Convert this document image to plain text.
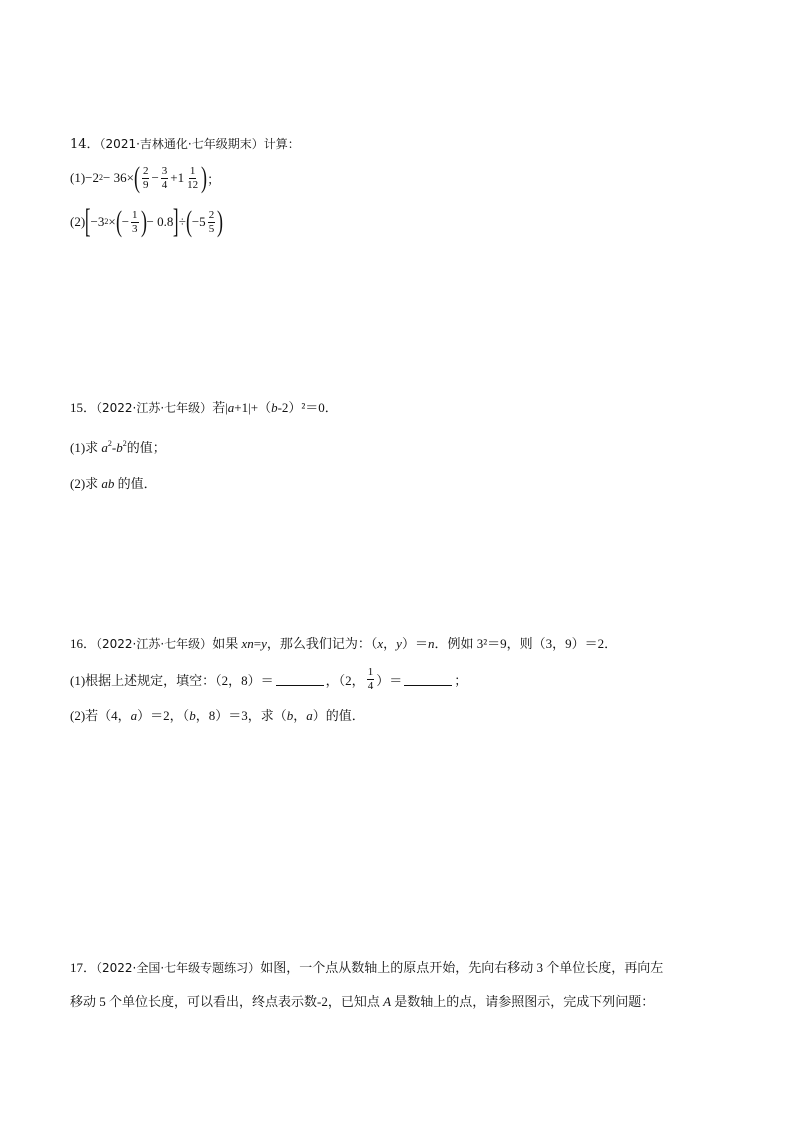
14．（2021·吉林通化·七年级期末）计算：
(1) −2 2 − 36× ( $\frac{2}{9} - \frac{3}{4} +1 \frac{1}{12}$ ) ；
(2) [ −3 2 × ( − $\frac{1}{3}$ ) − 0.8 ] ÷ ( $-5 \frac{2}{5}$ )
15．（2022·江苏·七年级）若|a+1|+（b-2）²＝0．
(1)求 $a^2-b^2$的值；
(2)求 ab 的值．
16．（2022·江苏·七年级）如果 xn=y，那么我们记为：（x，y）＝n．例如 3²＝9，则（3，9）＝2．
(1)根据上述规定，填空：（2，8）＝	，（2， $\frac{1}{4}$ ）＝	；
(2)若（4，a）＝2，（b，8）＝3，求（b，a）的值．
17．（2022·全国·七年级专题练习）如图，一个点从数轴上的原点开始，先向右移动 3 个单位长度，再向左
移动 5 个单位长度，可以看出，终点表示数-2，已知点 A 是数轴上的点，请参照图示，完成下列问题：
